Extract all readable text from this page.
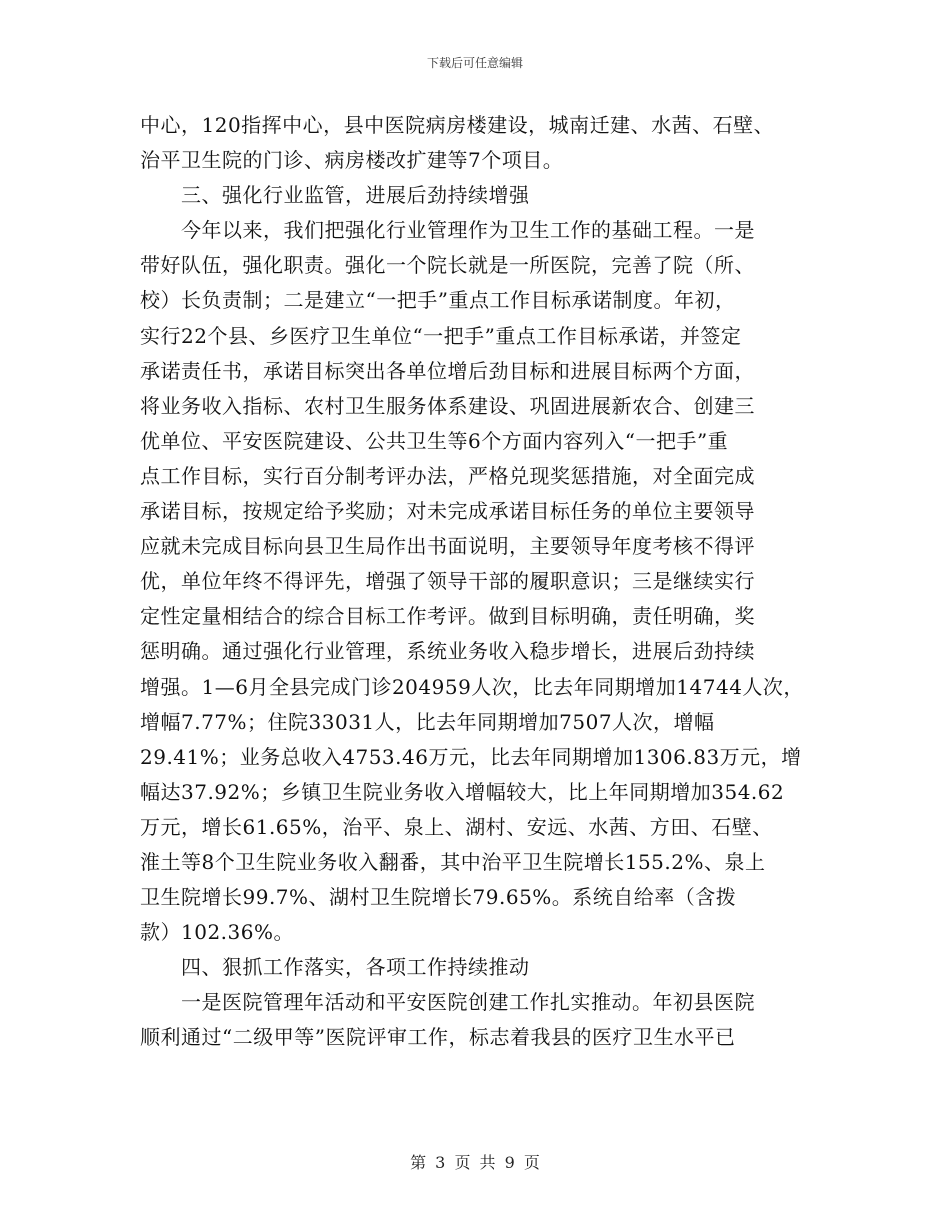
下载后可任意编辑
中心，120指挥中心，县中医院病房楼建设，城南迁建、水茜、石壁、
治平卫生院的门诊、病房楼改扩建等7个项目。
　　三、强化行业监管，进展后劲持续增强
　　今年以来，我们把强化行业管理作为卫生工作的基础工程。一是
带好队伍，强化职责。强化一个院长就是一所医院，完善了院（所、
校）长负责制；二是建立“一把手”重点工作目标承诺制度。年初，
实行22个县、乡医疗卫生单位“一把手”重点工作目标承诺，并签定
承诺责任书，承诺目标突出各单位增后劲目标和进展目标两个方面，
将业务收入指标、农村卫生服务体系建设、巩固进展新农合、创建三
优单位、平安医院建设、公共卫生等6个方面内容列入“一把手”重
点工作目标，实行百分制考评办法，严格兑现奖惩措施，对全面完成
承诺目标，按规定给予奖励；对未完成承诺目标任务的单位主要领导
应就未完成目标向县卫生局作出书面说明，主要领导年度考核不得评
优，单位年终不得评先，增强了领导干部的履职意识；三是继续实行
定性定量相结合的综合目标工作考评。做到目标明确，责任明确，奖
惩明确。通过强化行业管理，系统业务收入稳步增长，进展后劲持续
增强。1—6月全县完成门诊204959人次，比去年同期增加14744人次，
增幅7.77%；住院33031人，比去年同期增加7507人次，增幅
29.41%；业务总收入4753.46万元，比去年同期增加1306.83万元，增
幅达37.92%；乡镇卫生院业务收入增幅较大，比上年同期增加354.62
万元，增长61.65%，治平、泉上、湖村、安远、水茜、方田、石壁、
淮土等8个卫生院业务收入翻番，其中治平卫生院增长155.2%、泉上
卫生院增长99.7%、湖村卫生院增长79.65%。系统自给率（含拨
款）102.36%。
　　四、狠抓工作落实，各项工作持续推动
　　一是医院管理年活动和平安医院创建工作扎实推动。年初县医院
顺利通过“二级甲等”医院评审工作，标志着我县的医疗卫生水平已
第 3 页 共 9 页
